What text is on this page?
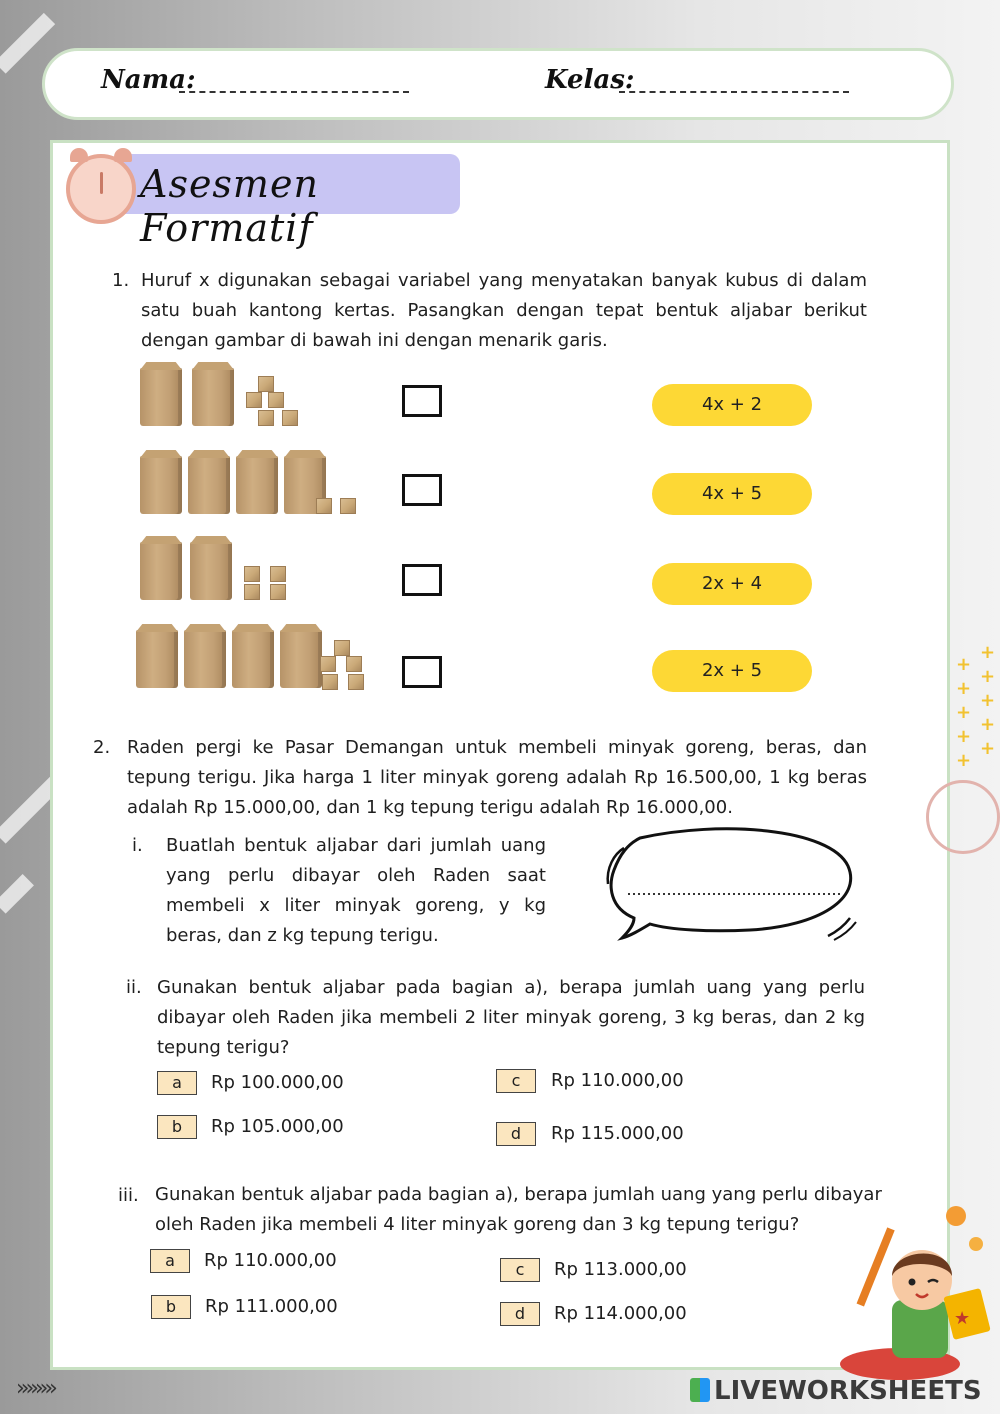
Nama:	Kelas:
Asesmen Formatif
1. Huruf x digunakan sebagai variabel yang menyatakan banyak kubus di dalam satu buah kantong kertas. Pasangkan dengan tepat bentuk aljabar berikut dengan gambar di bawah ini dengan menarik garis.
4x + 2
4x + 5
2x + 4
2x + 5
2. Raden pergi ke Pasar Demangan untuk membeli minyak goreng, beras, dan tepung terigu. Jika harga 1 liter minyak goreng adalah Rp 16.500,00, 1 kg beras adalah Rp 15.000,00, dan 1 kg tepung terigu adalah Rp 16.000,00.
i. Buatlah bentuk aljabar dari jumlah uang yang perlu dibayar oleh Raden saat membeli x liter minyak goreng, y kg beras, dan z kg tepung terigu.
ii. Gunakan bentuk aljabar pada bagian a), berapa jumlah uang yang perlu dibayar oleh Raden jika membeli 2 liter minyak goreng, 3 kg beras, dan 2 kg tepung terigu?
a	Rp 100.000,00
b	Rp 105.000,00
c	Rp 110.000,00
d	Rp 115.000,00
iii. Gunakan bentuk aljabar pada bagian a), berapa jumlah uang yang perlu dibayar oleh Raden jika membeli 4 liter minyak goreng dan 3 kg tepung terigu?
a	Rp 110.000,00
b	Rp 111.000,00
c	Rp 113.000,00
d	Rp 114.000,00
+
+
+
+
+
+
+
+
+
+
★
»»»»	LIVEWORKSHEETS
